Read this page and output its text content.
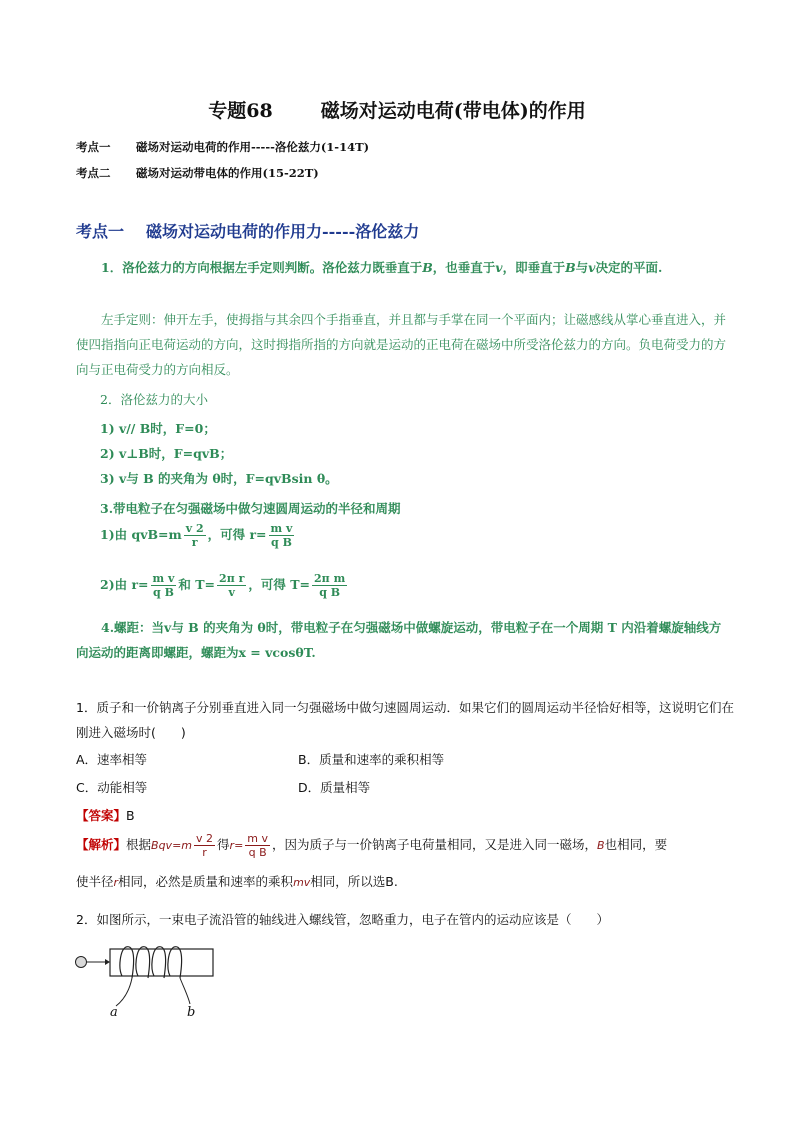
专题68	磁场对运动电荷(带电体)的作用
考点一 磁场对运动电荷的作用-----洛伦兹力(1-14T)
考点二 磁场对运动带电体的作用(15-22T)
考点一 磁场对运动电荷的作用力-----洛伦兹力
1．洛伦兹力的方向根据左手定则判断。洛伦兹力既垂直于B，也垂直于v，即垂直于B与v决定的平面.
左手定则：伸开左手，使拇指与其余四个手指垂直，并且都与手掌在同一个平面内；让磁感线从掌心垂直进入，并使四指指向正电荷运动的方向，这时拇指所指的方向就是运动的正电荷在磁场中所受洛伦兹力的方向。负电荷受力的方向与正电荷受力的方向相反。
2．洛伦兹力的大小
1) v// B时，F=0；
2) v⊥B时，F=qvB；
3) v与 B 的夹角为 θ时，F=qvBsin θ。
3.带电粒子在匀强磁场中做匀速圆周运动的半径和周期
1)由 $qvB=m \frac{v 2}{r}$ ，可得 $r= \frac{\text{m v}}{\text{q B}}$
2)由 $r= \frac{\text{m v}}{\text{q B}}$ 和 $T= \frac{\text{2π r}}{v}$ ，可得 $T= \frac{\text{2π m}}{\text{q B}}$
4.螺距：当v与 B 的夹角为 θ时，带电粒子在匀强磁场中做螺旋运动，带电粒子在一个周期 T 内沿着螺旋轴线方向运动的距离即螺距，螺距为x = vcosθT.
1．质子和一价钠离子分别垂直进入同一匀强磁场中做匀速圆周运动．如果它们的圆周运动半径恰好相等，这说明它们在刚进入磁场时(　　)
A．速率相等	B．质量和速率的乘积相等
C．动能相等	D．质量相等
【答案】B
【解析】根据$Bqv=m \frac{v 2}{r}$ 得$r= \frac{\text{m v}}{\text{q B}}$ ，因为质子与一价钠离子电荷量相同，又是进入同一磁场，B也相同，要
使半径r相同，必然是质量和速率的乘积mv相同，所以选B.
2．如图所示，一束电子流沿管的轴线进入螺线管，忽略重力，电子在管内的运动应该是（　　）
a	b
